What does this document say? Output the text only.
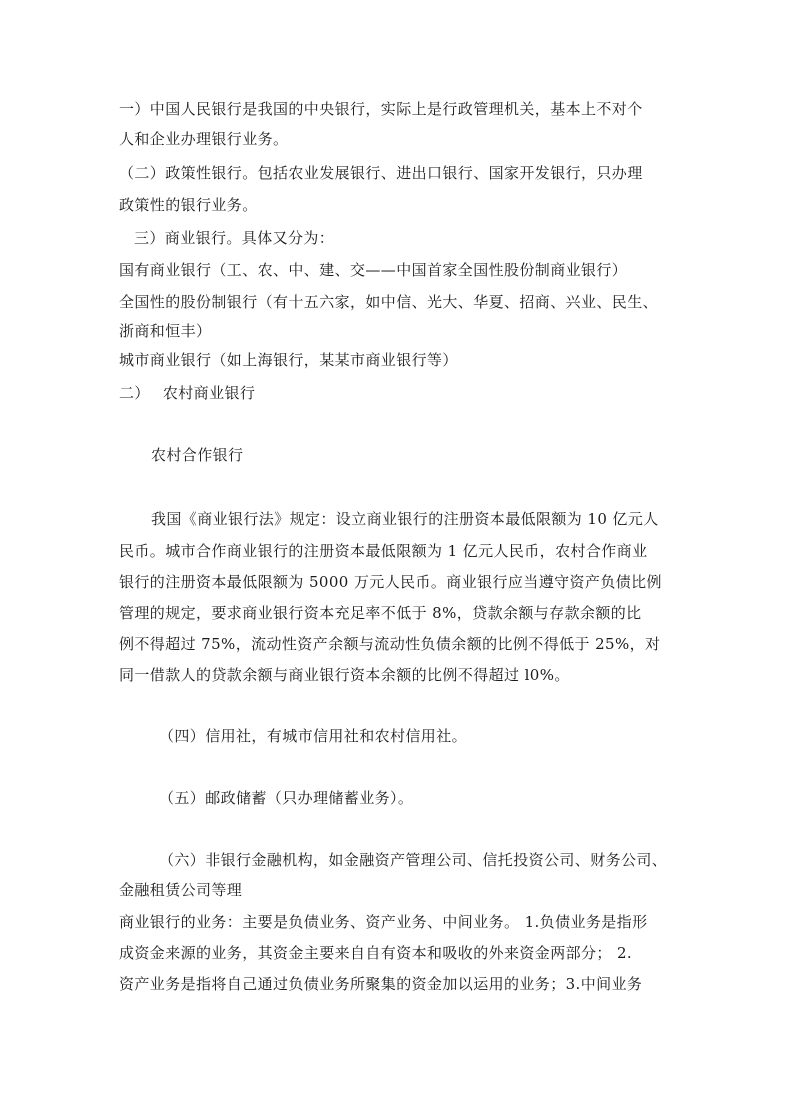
一）中国人民银行是我国的中央银行，实际上是行政管理机关，基本上不对个
人和企业办理银行业务。
（二）政策性银行。包括农业发展银行、进出口银行、国家开发银行，只办理
政策性的银行业务。
三）商业银行。具体又分为：
国有商业银行（工、农、中、建、交——中国首家全国性股份制商业银行）
全国性的股份制银行（有十五六家，如中信、光大、华夏、招商、兴业、民生、
浙商和恒丰）
城市商业银行（如上海银行，某某市商业银行等）
二）　 农村商业银行
农村合作银行
我国《商业银行法》规定：设立商业银行的注册资本最低限额为 10 亿元人
民币。城市合作商业银行的注册资本最低限额为 1 亿元人民币，农村合作商业
银行的注册资本最低限额为 5000 万元人民币。商业银行应当遵守资产负债比例
管理的规定，要求商业银行资本充足率不低于 8%，贷款余额与存款余额的比
例不得超过 75%，流动性资产余额与流动性负债余额的比例不得低于 25%，对
同一借款人的贷款余额与商业银行资本余额的比例不得超过 l0%。
（四）信用社，有城市信用社和农村信用社。
（五）邮政储蓄（只办理储蓄业务）。
（六）非银行金融机构，如金融资产管理公司、信托投资公司、财务公司、
金融租赁公司等理
商业银行的业务：主要是负债业务、资产业务、中间业务。 1.负债业务是指形
成资金来源的业务，其资金主要来自自有资本和吸收的外来资金两部分； 2.
资产业务是指将自己通过负债业务所聚集的资金加以运用的业务；3.中间业务
